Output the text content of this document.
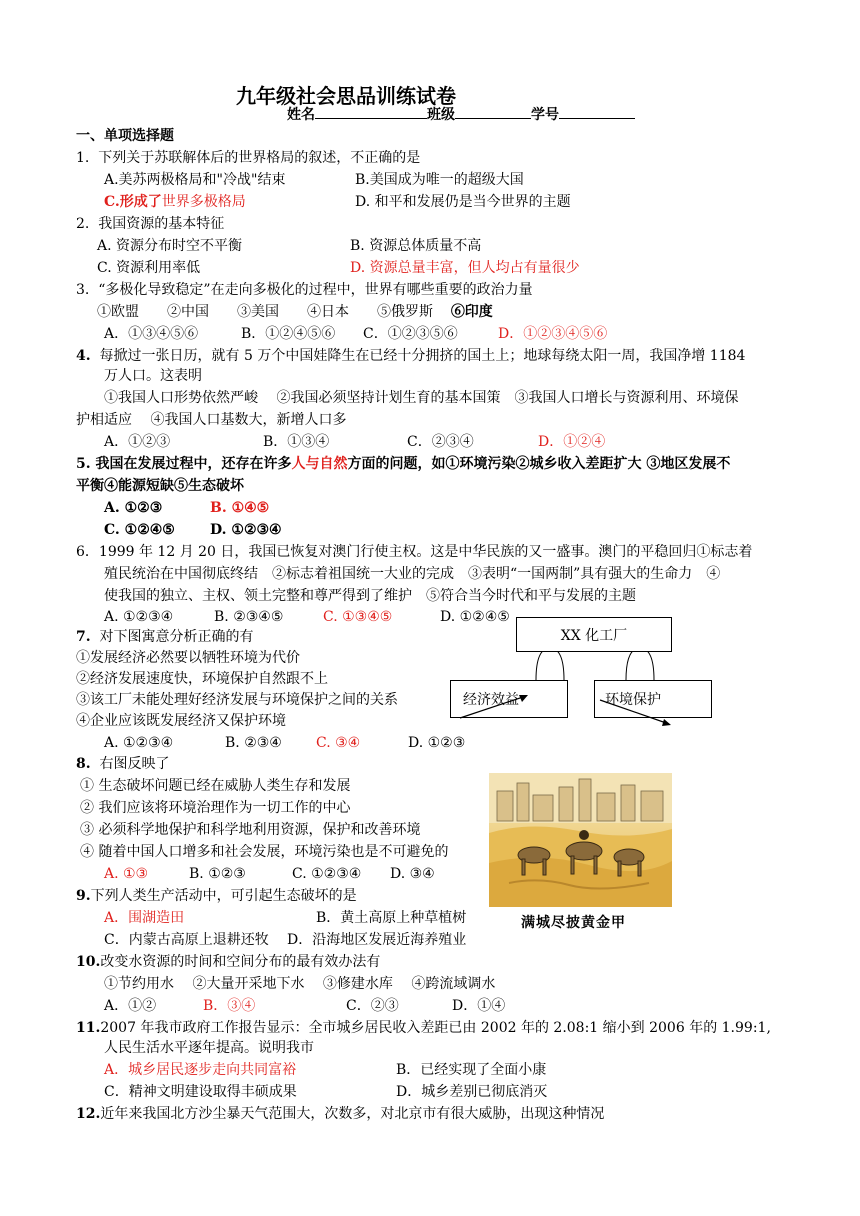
九年级社会思品训练试卷
姓名	班级	学号
一、单项选择题
1. 下列关于苏联解体后的世界格局的叙述，不正确的是
A.美苏两极格局和"冷战"结束	B.美国成为唯一的超级大国
C.形成了世界多极格局	D. 和平和发展仍是当今世界的主题
2. 我国资源的基本特征
A. 资源分布时空不平衡	B. 资源总体质量不高
C. 资源利用率低	D. 资源总量丰富，但人均占有量很少
3. “多极化导致稳定”在走向多极化的过程中，世界有哪些重要的政治力量
①欧盟　　②中国　　③美国　　④日本　　⑤俄罗斯 ⑥印度
A．①③④⑤⑥	B．①②④⑤⑥ C．①②③⑤⑥	D．①②③④⑤⑥
4. 每掀过一张日历，就有 5 万个中国娃降生在已经十分拥挤的国土上；地球每绕太阳一周，我国净增 1184
万人口。这表明
①我国人口形势依然严峻　 ②我国必须坚持计划生育的基本国策　③我国人口增长与资源利用、环境保
护相适应　 ④我国人口基数大，新增人口多
A．①②③	B．①③④	C．②③④	D．①②④
5. 我国在发展过程中，还存在许多人与自然方面的问题，如①环境污染②城乡收入差距扩大 ③地区发展不
平衡④能源短缺⑤生态破坏
A. ①②③	B. ①④⑤
C. ①②④⑤	D. ①②③④
6．1999 年 12 月 20 日，我国已恢复对澳门行使主权。这是中华民族的又一盛事。澳门的平稳回归①标志着
殖民统治在中国彻底终结　②标志着祖国统一大业的完成　③表明“一国两制”具有强大的生命力　④
使我国的独立、主权、领土完整和尊严得到了维护　⑤符合当今时代和平与发展的主题
A. ①②③④	B. ②③④⑤	C. ①③④⑤	D. ①②④⑤
7. 对下图寓意分析正确的有
①发展经济必然要以牺牲环境为代价
②经济发展速度快，环境保护自然跟不上
③该工厂未能处理好经济发展与环境保护之间的关系
④企业应该既发展经济又保护环境
A. ①②③④	B. ②③④ C. ③④	D. ①②③
XX 化工厂
经济效益	环境保护
8. 右图反映了
① 生态破坏问题已经在威胁人类生存和发展
② 我们应该将环境治理作为一切工作的中心
③ 必须科学地保护和科学地利用资源，保护和改善环境
④ 随着中国人口增多和社会发展，环境污染也是不可避免的
A. ①③	B. ①②③	C. ①②③④ D. ③④
满城尽披黄金甲
9.下列人类生产活动中，可引起生态破坏的是
A．围湖造田	B．黄土高原上种草植树
C．内蒙古高原上退耕还牧 D．沿海地区发展近海养殖业
10.改变水资源的时间和空间分布的最有效办法有
①节约用水　 ②大量开采地下水　 ③修建水库　 ④跨流域调水
A．①②	B．③④	C．②③	D．①④
11.2007 年我市政府工作报告显示：全市城乡居民收入差距已由 2002 年的 2.08:1 缩小到 2006 年的 1.99:1,
人民生活水平逐年提高。说明我市
A．城乡居民逐步走向共同富裕	B．已经实现了全面小康
C．精神文明建设取得丰硕成果	D．城乡差别已彻底消灭
12.近年来我国北方沙尘暴天气范围大，次数多，对北京市有很大威胁，出现这种情况
